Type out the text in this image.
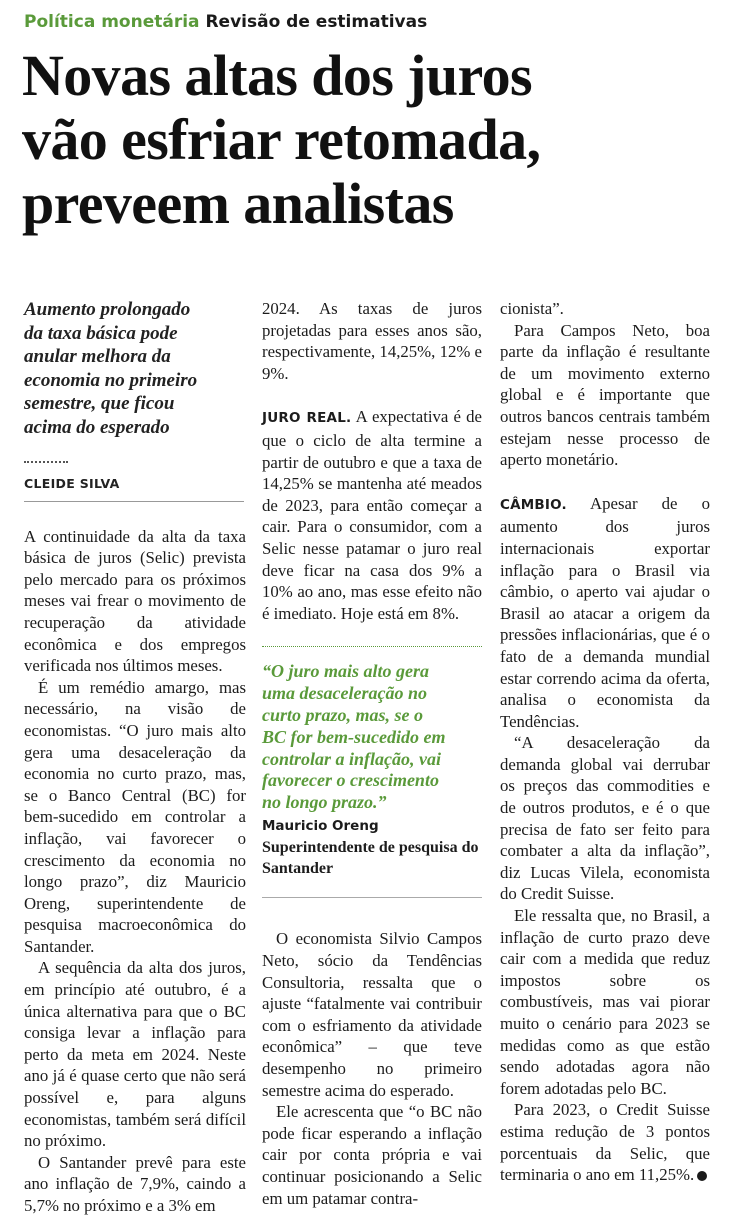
Política monetária Revisão de estimativas
Novas altas dos juros
vão esfriar retomada,
preveem analistas
Aumento prolongado
da taxa básica pode
anular melhora da
economia no primeiro
semestre, que ficou
acima do esperado
CLEIDE SILVA

A continuidade da alta da taxa básica de juros (Selic) prevista pelo mercado para os próximos meses vai frear o movimento de recuperação da atividade econômica e dos empregos verificada nos últimos meses.

É um remédio amargo, mas necessário, na visão de economistas. “O juro mais alto gera uma desaceleração da economia no curto prazo, mas, se o Banco Central (BC) for bem-sucedido em controlar a inflação, vai favorecer o crescimento da economia no longo prazo”, diz Mauricio Oreng, superintendente de pesquisa macroeconômica do Santander.

A sequência da alta dos juros, em princípio até outubro, é a única alternativa para que o BC consiga levar a inflação para perto da meta em 2024. Neste ano já é quase certo que não será possível e, para alguns economistas, também será difícil no próximo.

O Santander prevê para este ano inflação de 7,9%, caindo a 5,7% no próximo e a 3% em

2024. As taxas de juros projetadas para esses anos são, respectivamente, 14,25%, 12% e 9%.

JURO REAL. A expectativa é de que o ciclo de alta termine a partir de outubro e que a taxa de 14,25% se mantenha até meados de 2023, para então começar a cair. Para o consumidor, com a Selic nesse patamar o juro real deve ficar na casa dos 9% a 10% ao ano, mas esse efeito não é imediato. Hoje está em 8%.

“O juro mais alto gera
uma desaceleração no
curto prazo, mas, se o
BC for bem-sucedido em
controlar a inflação, vai
favorecer o crescimento
no longo prazo.”
Mauricio Oreng
Superintendente de pesquisa do Santander

O economista Silvio Campos Neto, sócio da Tendências Consultoria, ressalta que o ajuste “fatalmente vai contribuir com o esfriamento da atividade econômica” – que teve desempenho no primeiro semestre acima do esperado.

Ele acrescenta que “o BC não pode ficar esperando a inflação cair por conta própria e vai continuar posicionando a Selic em um patamar contra-

cionista”.

Para Campos Neto, boa parte da inflação é resultante de um movimento externo global e é importante que outros bancos centrais também estejam nesse processo de aperto monetário.

CÂMBIO. Apesar de o aumento dos juros internacionais exportar inflação para o Brasil via câmbio, o aperto vai ajudar o Brasil ao atacar a origem da pressões inflacionárias, que é o fato de a demanda mundial estar correndo acima da oferta, analisa o economista da Tendências.

“A desaceleração da demanda global vai derrubar os preços das commodities e de outros produtos, e é o que precisa de fato ser feito para combater a alta da inflação”, diz Lucas Vilela, economista do Credit Suisse.

Ele ressalta que, no Brasil, a inflação de curto prazo deve cair com a medida que reduz impostos sobre os combustíveis, mas vai piorar muito o cenário para 2023 se medidas como as que estão sendo adotadas agora não forem adotadas pelo BC.

Para 2023, o Credit Suisse estima redução de 3 pontos porcentuais da Selic, que terminaria o ano em 11,25%.
